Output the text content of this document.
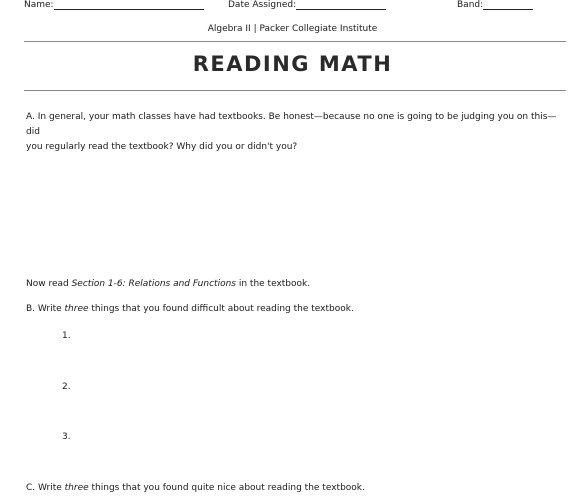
Name:	Date Assigned:	Band:
Algebra II | Packer Collegiate Institute
READING MATH
A. In general, your math classes have had textbooks. Be honest—because no one is going to be judging you on this—did
you regularly read the textbook? Why did you or didn't you?
Now read Section 1-6: Relations and Functions in the textbook.
B. Write three things that you found difficult about reading the textbook.
1.
2.
3.
C. Write three things that you found quite nice about reading the textbook.
